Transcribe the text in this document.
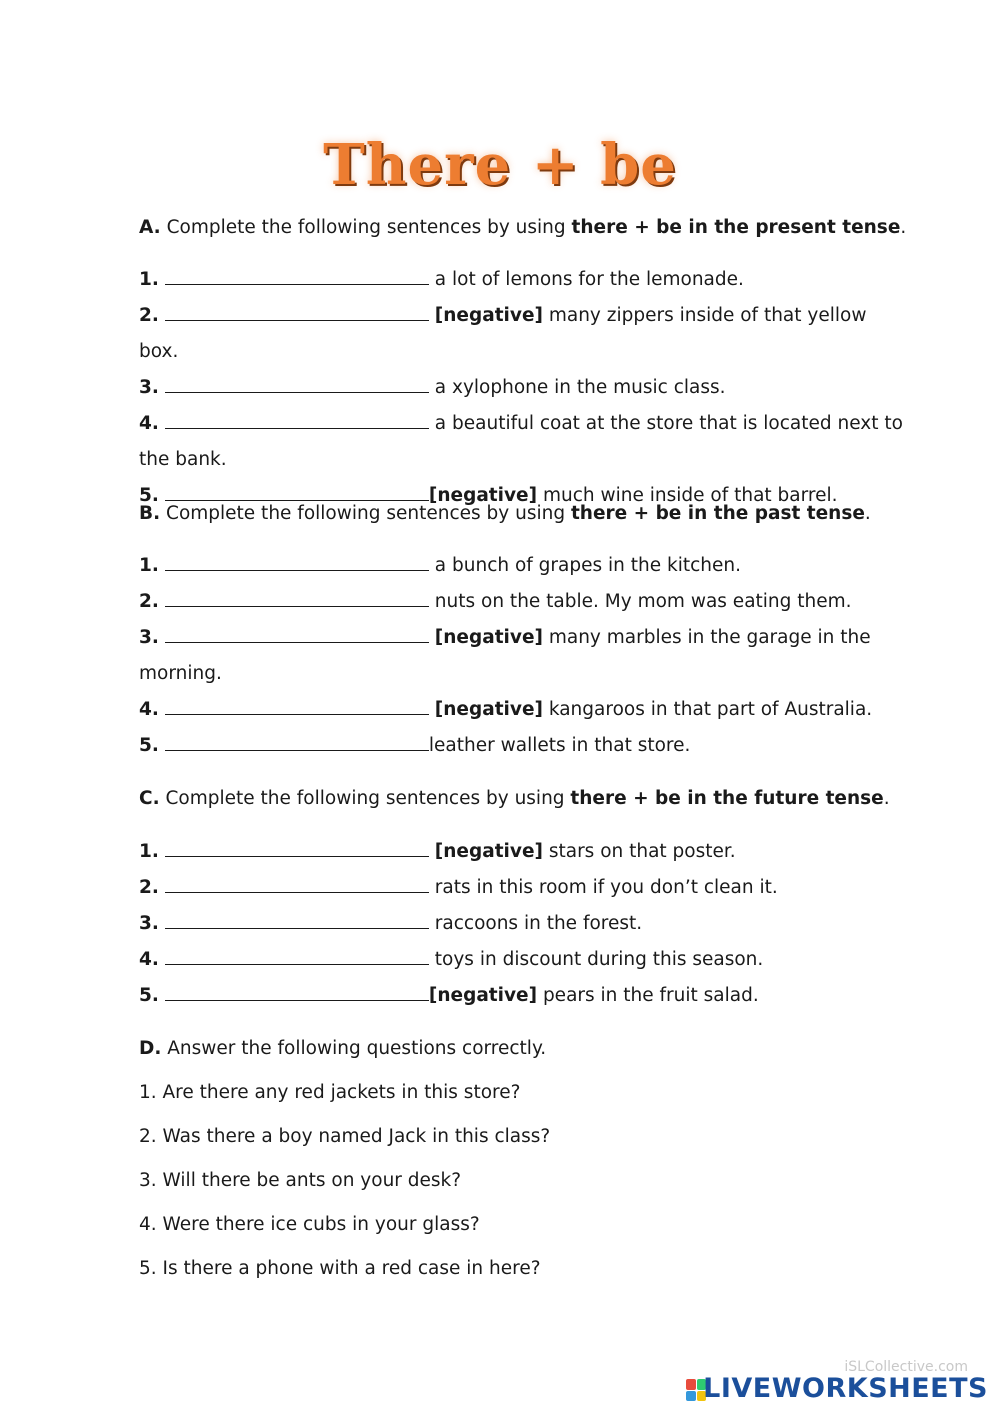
There + be
A. Complete the following sentences by using there + be in the present tense.

1.	a lot of lemons for the lemonade.

2.	[negative] many zippers inside of that yellow box.

3.	a xylophone in the music class.

4.	a beautiful coat at the store that is located next to the bank.

5.	[negative] much wine inside of that barrel.

B. Complete the following sentences by using there + be in the past tense.

1.	a bunch of grapes in the kitchen.

2.	nuts on the table. My mom was eating them.

3.	[negative] many marbles in the garage in the morning.

4.	[negative] kangaroos in that part of Australia.

5.	leather wallets in that store.

C. Complete the following sentences by using there + be in the future tense.

1.	[negative] stars on that poster.

2.	rats in this room if you don’t clean it.

3.	raccoons in the forest.

4.	toys in discount during this season.

5.	[negative] pears in the fruit salad.

D. Answer the following questions correctly.
1. Are there any red jackets in this store?
2. Was there a boy named Jack in this class?
3. Will there be ants on your desk?
4. Were there ice cubs in your glass?
5. Is there a phone with a red case in here?
iSLCollective.com
LIVEWORKSHEETS
